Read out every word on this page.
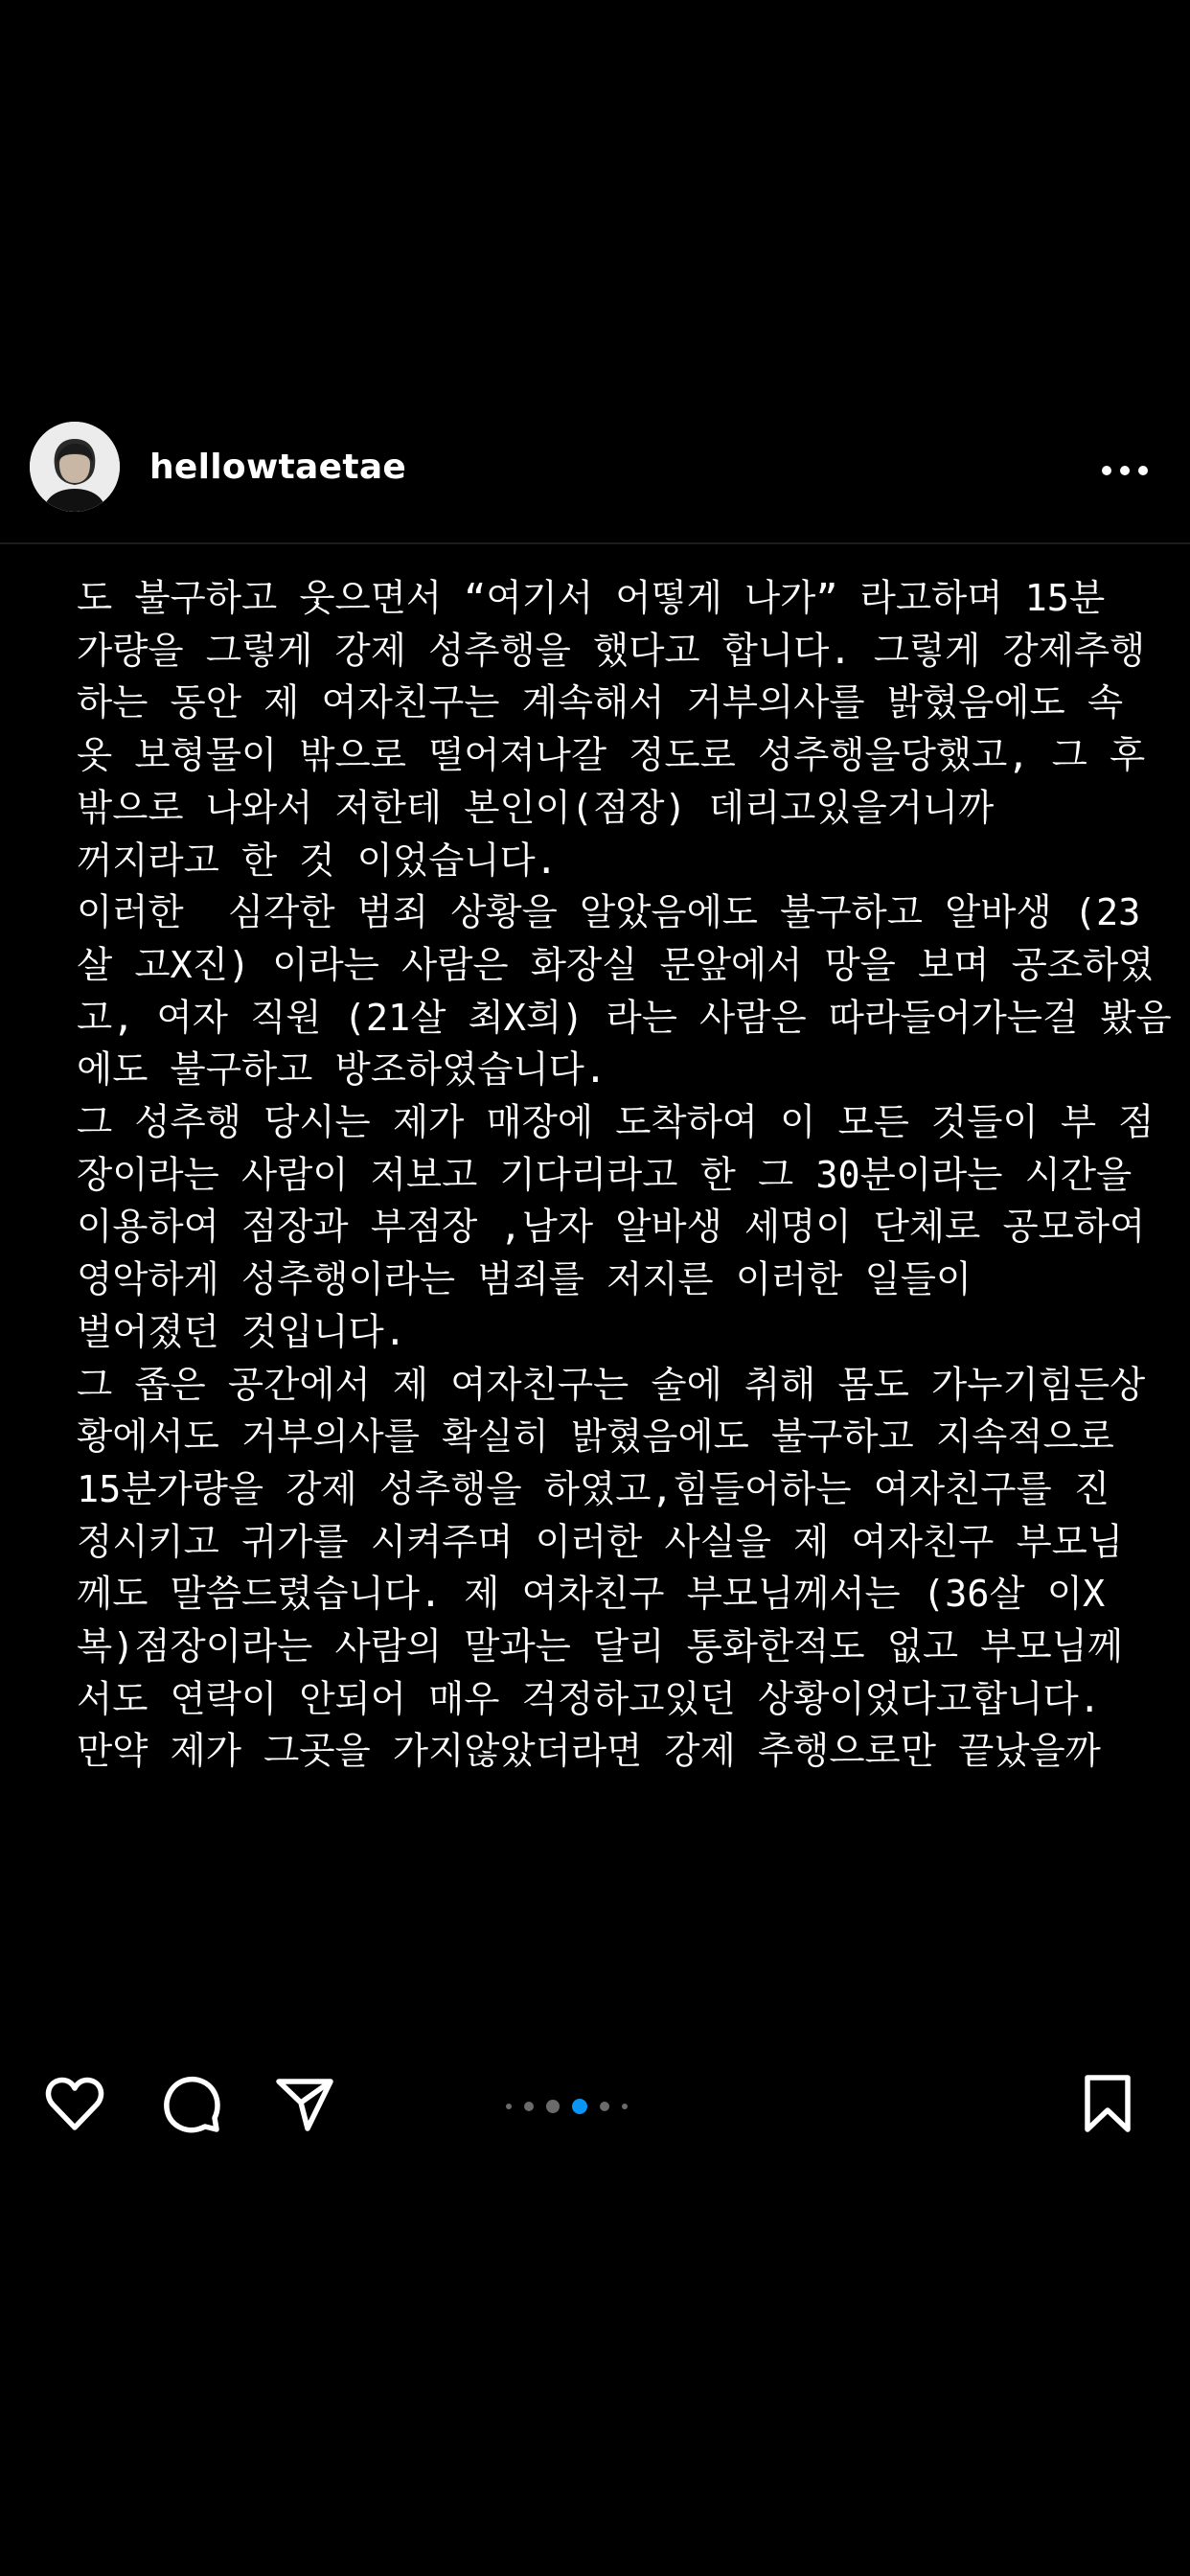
hellowtaetae
도 불구하고 웃으면서 “여기서 어떻게 나가” 라고하며 15분
가량을 그렇게 강제 성추행을 했다고 합니다. 그렇게 강제추행
하는 동안 제 여자친구는 계속해서 거부의사를 밝혔음에도 속
옷 보형물이 밖으로 떨어져나갈 정도로 성추행을당했고, 그 후
밖으로 나와서 저한테 본인이(점장) 데리고있을거니까
꺼지라고 한 것 이었습니다.
이러한  심각한 범죄 상황을 알았음에도 불구하고 알바생 (23
살 고X진) 이라는 사람은 화장실 문앞에서 망을 보며 공조하였
고, 여자 직원 (21살 최X희) 라는 사람은 따라들어가는걸 봤음
에도 불구하고 방조하였습니다.
그 성추행 당시는 제가 매장에 도착하여 이 모든 것들이 부 점
장이라는 사람이 저보고 기다리라고 한 그 30분이라는 시간을
이용하여 점장과 부점장 ,남자 알바생 세명이 단체로 공모하여
영악하게 성추행이라는 범죄를 저지른 이러한 일들이
벌어졌던 것입니다.
그 좁은 공간에서 제 여자친구는 술에 취해 몸도 가누기힘든상
황에서도 거부의사를 확실히 밝혔음에도 불구하고 지속적으로
15분가량을 강제 성추행을 하였고,힘들어하는 여자친구를 진
정시키고 귀가를 시켜주며 이러한 사실을 제 여자친구 부모님
께도 말씀드렸습니다. 제 여차친구 부모님께서는 (36살 이X
복)점장이라는 사람의 말과는 달리 통화한적도 없고 부모님께
서도 연락이 안되어 매우 걱정하고있던 상황이었다고합니다.
만약 제가 그곳을 가지않았더라면 강제 추행으로만 끝났을까
